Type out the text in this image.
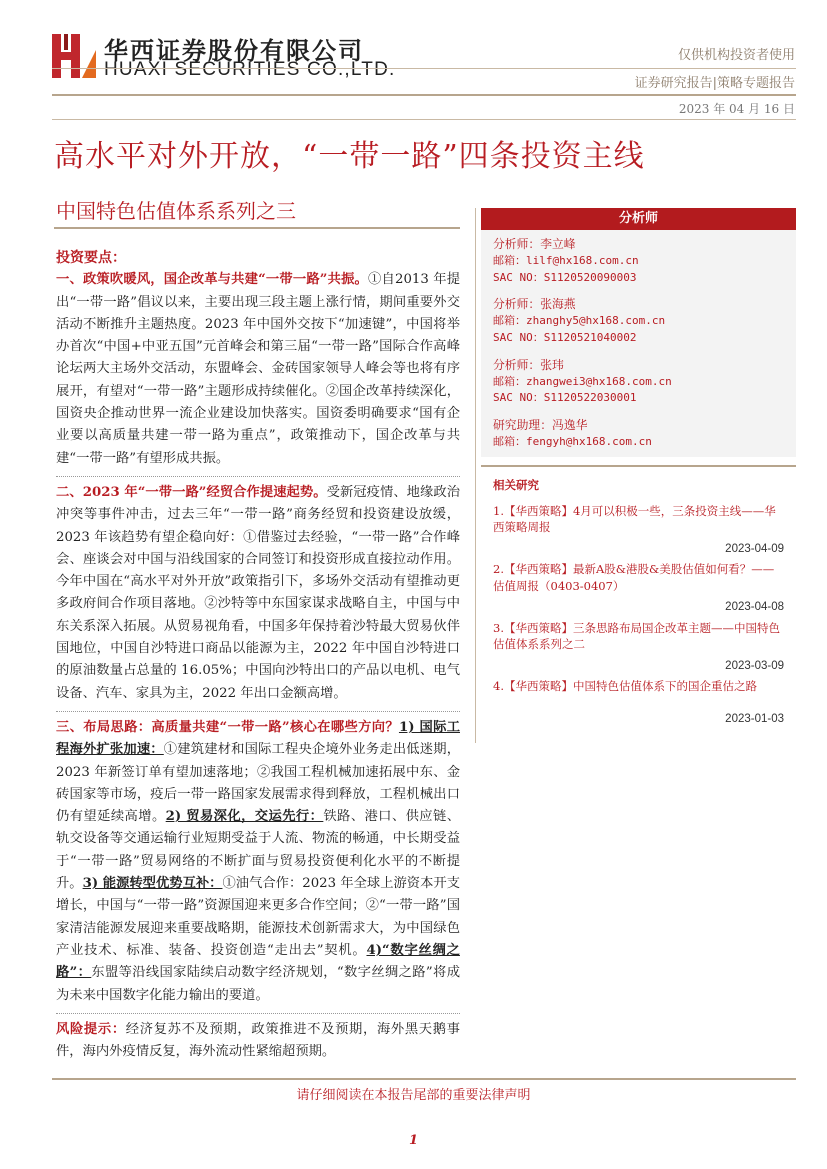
华西证券股份有限公司
HUAXI SECURITIES CO.,LTD.
仅供机构投资者使用
证券研究报告|策略专题报告
2023 年 04 月 16 日
高水平对外开放，“一带一路”四条投资主线
中国特色估值体系系列之三

投资要点：

一、政策吹暖风，国企改革与共建“一带一路”共振。①自2013 年提出“一带一路”倡议以来，主要出现三段主题上涨行情，期间重要外交活动不断推升主题热度。2023 年中国外交按下“加速键”，中国将举办首次“中国+中亚五国”元首峰会和第三届“一带一路”国际合作高峰论坛两大主场外交活动，东盟峰会、金砖国家领导人峰会等也将有序展开，有望对“一带一路”主题形成持续催化。②国企改革持续深化，国资央企推动世界一流企业建设加快落实。国资委明确要求“国有企业要以高质量共建一带一路为重点”，政策推动下，国企改革与共建“一带一路”有望形成共振。

二、2023 年“一带一路”经贸合作提速起势。受新冠疫情、地缘政治冲突等事件冲击，过去三年“一带一路”商务经贸和投资建设放缓，2023 年该趋势有望企稳向好：①借鉴过去经验，“一带一路”合作峰会、座谈会对中国与沿线国家的合同签订和投资形成直接拉动作用。今年中国在“高水平对外开放”政策指引下，多场外交活动有望推动更多政府间合作项目落地。②沙特等中东国家谋求战略自主，中国与中东关系深入拓展。从贸易视角看，中国多年保持着沙特最大贸易伙伴国地位，中国自沙特进口商品以能源为主，2022 年中国自沙特进口的原油数量占总量的 16.05%；中国向沙特出口的产品以电机、电气设备、汽车、家具为主，2022 年出口金额高增。

三、布局思路：高质量共建“一带一路”核心在哪些方向？1) 国际工程海外扩张加速：①建筑建材和国际工程央企境外业务走出低迷期，2023 年新签订单有望加速落地；②我国工程机械加速拓展中东、金砖国家等市场，疫后一带一路国家发展需求得到释放，工程机械出口仍有望延续高增。2) 贸易深化，交运先行：铁路、港口、供应链、轨交设备等交通运输行业短期受益于人流、物流的畅通，中长期受益于“一带一路”贸易网络的不断扩面与贸易投资便利化水平的不断提升。3) 能源转型优势互补：①油气合作：2023 年全球上游资本开支增长，中国与“一带一路”资源国迎来更多合作空间；②“一带一路”国家清洁能源发展迎来重要战略期，能源技术创新需求大，为中国绿色产业技术、标准、装备、投资创造“走出去”契机。4)“数字丝绸之路”：东盟等沿线国家陆续启动数字经济规划，“数字丝绸之路”将成为未来中国数字化能力输出的要道。

风险提示：经济复苏不及预期，政策推进不及预期，海外黑天鹅事件，海内外疫情反复，海外流动性紧缩超预期。

分析师
分析师：李立峰
邮箱：lilf@hx168.com.cn
SAC NO：S1120520090003
分析师：张海燕
邮箱：zhanghy5@hx168.com.cn
SAC NO：S1120521040002
分析师：张玮
邮箱：zhangwei3@hx168.com.cn
SAC NO：S1120522030001
研究助理：冯逸华
邮箱：fengyh@hx168.com.cn
相关研究
1.【华西策略】4月可以积极一些，三条投资主线——华西策略周报
2023-04-09
2.【华西策略】最新A股&港股&美股估值如何看？——估值周报（0403-0407）
2023-04-08
3.【华西策略】三条思路布局国企改革主题——中国特色估值体系系列之二
2023-03-09
4.【华西策略】中国特色估值体系下的国企重估之路
2023-01-03
请仔细阅读在本报告尾部的重要法律声明
1
